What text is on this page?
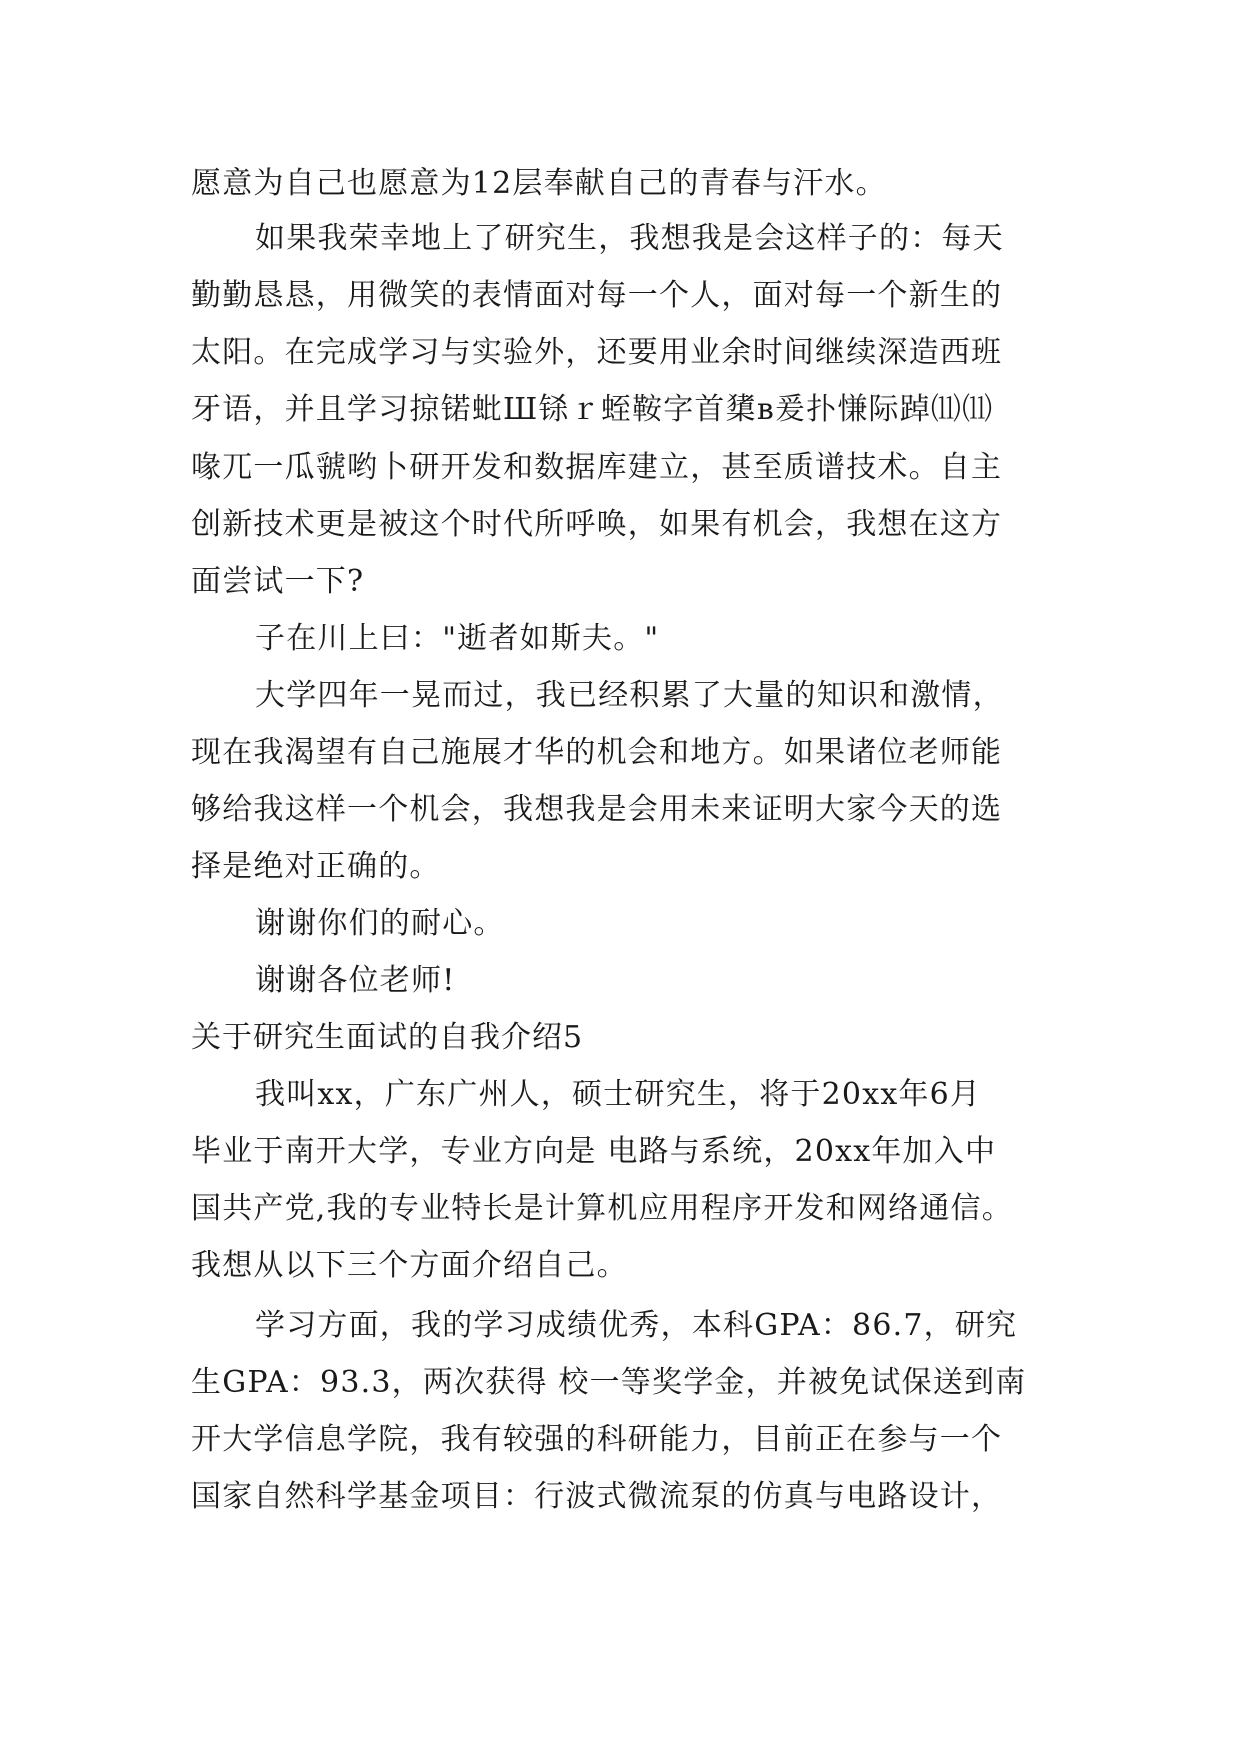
愿意为自己也愿意为12层奉献自己的青春与汗水。
如果我荣幸地上了研究生，我想我是会这样子的：每天
勤勤恳恳，用微笑的表情面对每一个人，面对每一个新生的
太阳。在完成学习与实验外，还要用业余时间继续深造西班
牙语，并且学习掠锘蚍Ш铩ｒ蛭鞍字首橥в爰扑慊际踔⑾⑾
喙兀一瓜虢哟卜研开发和数据库建立，甚至质谱技术。自主
创新技术更是被这个时代所呼唤，如果有机会，我想在这方
面尝试一下?
子在川上曰："逝者如斯夫。"
大学四年一晃而过，我已经积累了大量的知识和激情，
现在我渴望有自己施展才华的机会和地方。如果诸位老师能
够给我这样一个机会，我想我是会用未来证明大家今天的选
择是绝对正确的。
谢谢你们的耐心。
谢谢各位老师!
关于研究生面试的自我介绍5
我叫xx，广东广州人，硕士研究生，将于20xx年6月
毕业于南开大学，专业方向是 电路与系统，20xx年加入中
国共产党,我的专业特长是计算机应用程序开发和网络通信。
我想从以下三个方面介绍自己。
学习方面，我的学习成绩优秀，本科GPA：86.7，研究
生GPA：93.3，两次获得 校一等奖学金，并被免试保送到南
开大学信息学院，我有较强的科研能力，目前正在参与一个
国家自然科学基金项目：行波式微流泵的仿真与电路设计，
